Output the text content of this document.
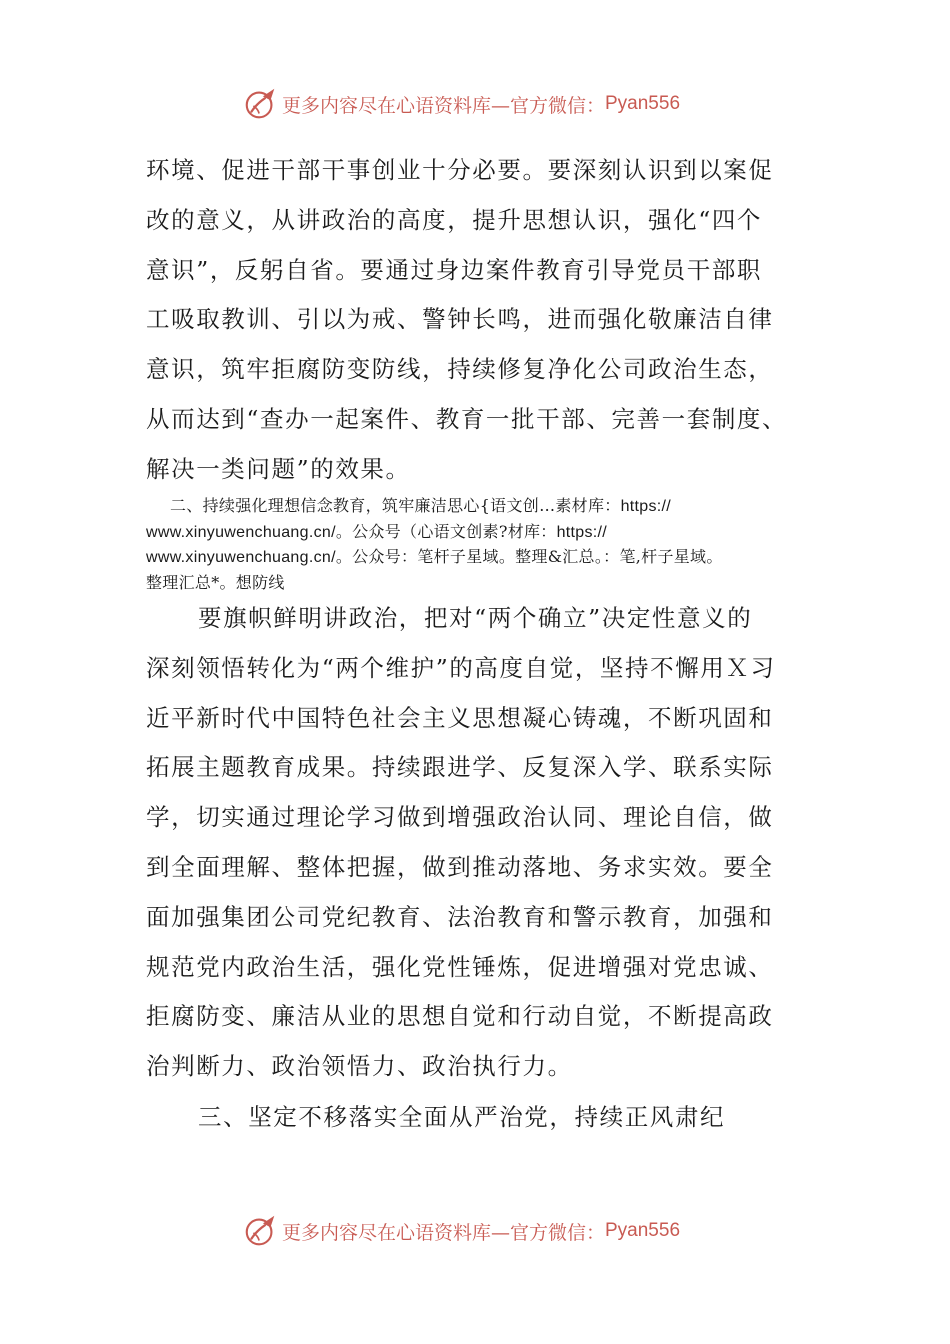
更多内容尽在心语资料库—官方微信： Pyan556
环境、促进干部干事创业十分必要。要深刻认识到以案促
改的意义，从讲政治的高度，提升思想认识，强化“四个
意识”，反躬自省。要通过身边案件教育引导党员干部职
工吸取教训、引以为戒、警钟长鸣，进而强化敬廉洁自律
意识，筑牢拒腐防变防线，持续修复净化公司政治生态，
从而达到“查办一起案件、教育一批干部、完善一套制度、
解决一类问题”的效果。
二、持续强化理想信念教育，筑牢廉洁思心{语文创…素材库：https://
www.xinyuwenchuang.cn/。公众号（心语文创素?材库：https://
www.xinyuwenchuang.cn/。公众号：笔杆子星域。整理&汇总。：笔,杆子星域。
整理汇总*。想防线
要旗帜鲜明讲政治，把对“两个确立”决定性意义的
深刻领悟转化为“两个维护”的高度自觉，坚持不懈用Ｘ习
近平新时代中国特色社会主义思想凝心铸魂，不断巩固和
拓展主题教育成果。持续跟进学、反复深入学、联系实际
学，切实通过理论学习做到增强政治认同、理论自信，做
到全面理解、整体把握，做到推动落地、务求实效。要全
面加强集团公司党纪教育、法治教育和警示教育，加强和
规范党内政治生活，强化党性锤炼，促进增强对党忠诚、
拒腐防变、廉洁从业的思想自觉和行动自觉，不断提高政
治判断力、政治领悟力、政治执行力。
三、坚定不移落实全面从严治党，持续正风肃纪
更多内容尽在心语资料库—官方微信： Pyan556
